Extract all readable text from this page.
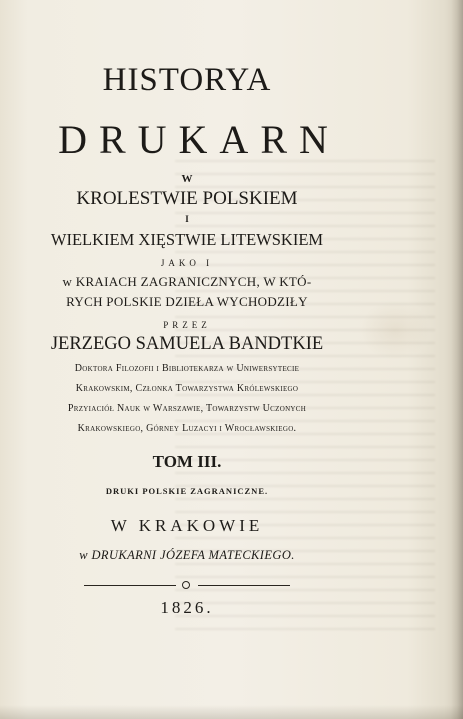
HISTORYA
DRUKARN
W
KROLESTWIE POLSKIEM
I
WIELKIEM XIĘSTWIE LITEWSKIEM
JAKO I
w KRAIACH ZAGRANICZNYCH, W KTÓ-
RYCH POLSKIE DZIEŁA WYCHODZIŁY
PRZEZ
JERZEGO SAMUELA BANDTKIE
Doktora Filozofii i Bibliotekarza w Uniwersytecie
Krakowskim, Członka Towarzystwa Królewskiego
Przyiaciół Nauk w Warszawie, Towarzystw Uczonych
Krakowskiego, Górney Luzacyi i Wrocławskiego.
TOM III.
DRUKI POLSKIE ZAGRANICZNE.
W KRAKOWIE
w DRUKARNI JÓZEFA MATECKIEGO.
1826.
